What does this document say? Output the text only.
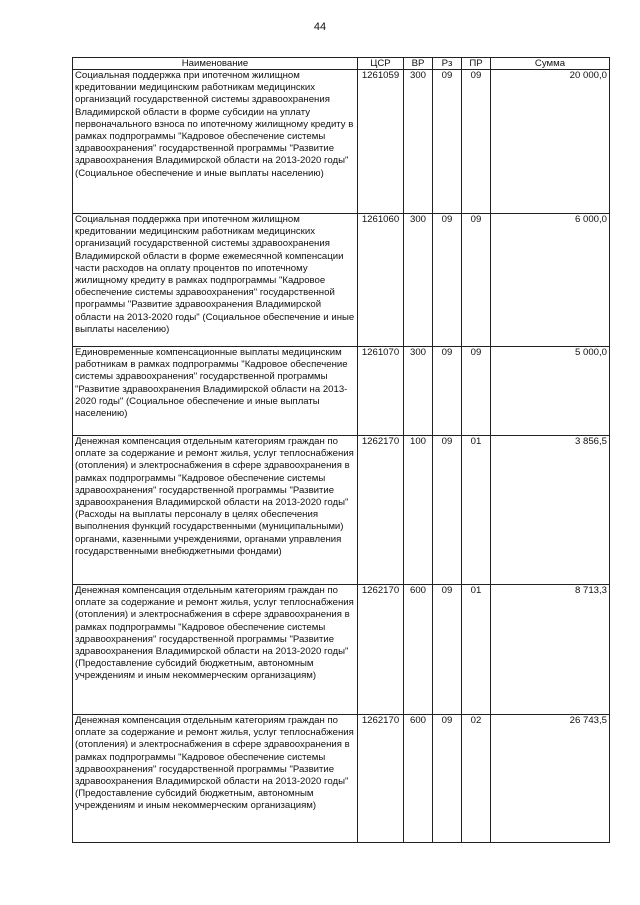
44
Наименование	ЦСР	ВР	Рз	ПР	Сумма
Социальная поддержка при ипотечном жилищном кредитовании медицинским работникам медицинских организаций государственной системы здравоохранения Владимирской области в форме субсидии на уплату первоначального взноса по ипотечному жилищному кредиту в рамках подпрограммы "Кадровое обеспечение системы здравоохранения" государственной программы "Развитие здравоохранения Владимирской области на 2013-2020 годы" (Социальное обеспечение и иные выплаты населению)	1261059	300	09	09	20 000,0
Социальная поддержка при ипотечном жилищном кредитовании медицинским работникам медицинских организаций государственной системы здравоохранения Владимирской области в форме ежемесячной компенсации части расходов на оплату процентов по ипотечному жилищному кредиту в рамках подпрограммы "Кадровое обеспечение системы здравоохранения" государственной программы "Развитие здравоохранения Владимирской области на 2013-2020 годы" (Социальное обеспечение и иные выплаты населению)	1261060	300	09	09	6 000,0
Единовременные компенсационные выплаты медицинским работникам в рамках подпрограммы "Кадровое обеспечение системы здравоохранения" государственной программы "Развитие здравоохранения Владимирской области на 2013-2020 годы" (Социальное обеспечение и иные выплаты населению)	1261070	300	09	09	5 000,0
Денежная компенсация отдельным категориям граждан по оплате за содержание и ремонт жилья, услуг теплоснабжения (отопления) и электроснабжения в сфере здравоохранения в рамках подпрограммы "Кадровое обеспечение системы здравоохранения" государственной программы "Развитие здравоохранения Владимирской области на 2013-2020 годы" (Расходы на выплаты персоналу в целях обеспечения выполнения функций государственными (муниципальными) органами, казенными учреждениями, органами управления государственными внебюджетными фондами)	1262170	100	09	01	3 856,5
Денежная компенсация отдельным категориям граждан по оплате за содержание и ремонт жилья, услуг теплоснабжения (отопления) и электроснабжения в сфере здравоохранения в рамках подпрограммы "Кадровое обеспечение системы здравоохранения" государственной программы "Развитие здравоохранения Владимирской области на 2013-2020 годы" (Предоставление субсидий бюджетным, автономным учреждениям и иным некоммерческим организациям)	1262170	600	09	01	8 713,3
Денежная компенсация отдельным категориям граждан по оплате за содержание и ремонт жилья, услуг теплоснабжения (отопления) и электроснабжения в сфере здравоохранения в рамках подпрограммы "Кадровое обеспечение системы здравоохранения" государственной программы "Развитие здравоохранения Владимирской области на 2013-2020 годы" (Предоставление субсидий бюджетным, автономным учреждениям и иным некоммерческим организациям)	1262170	600	09	02	26 743,5
